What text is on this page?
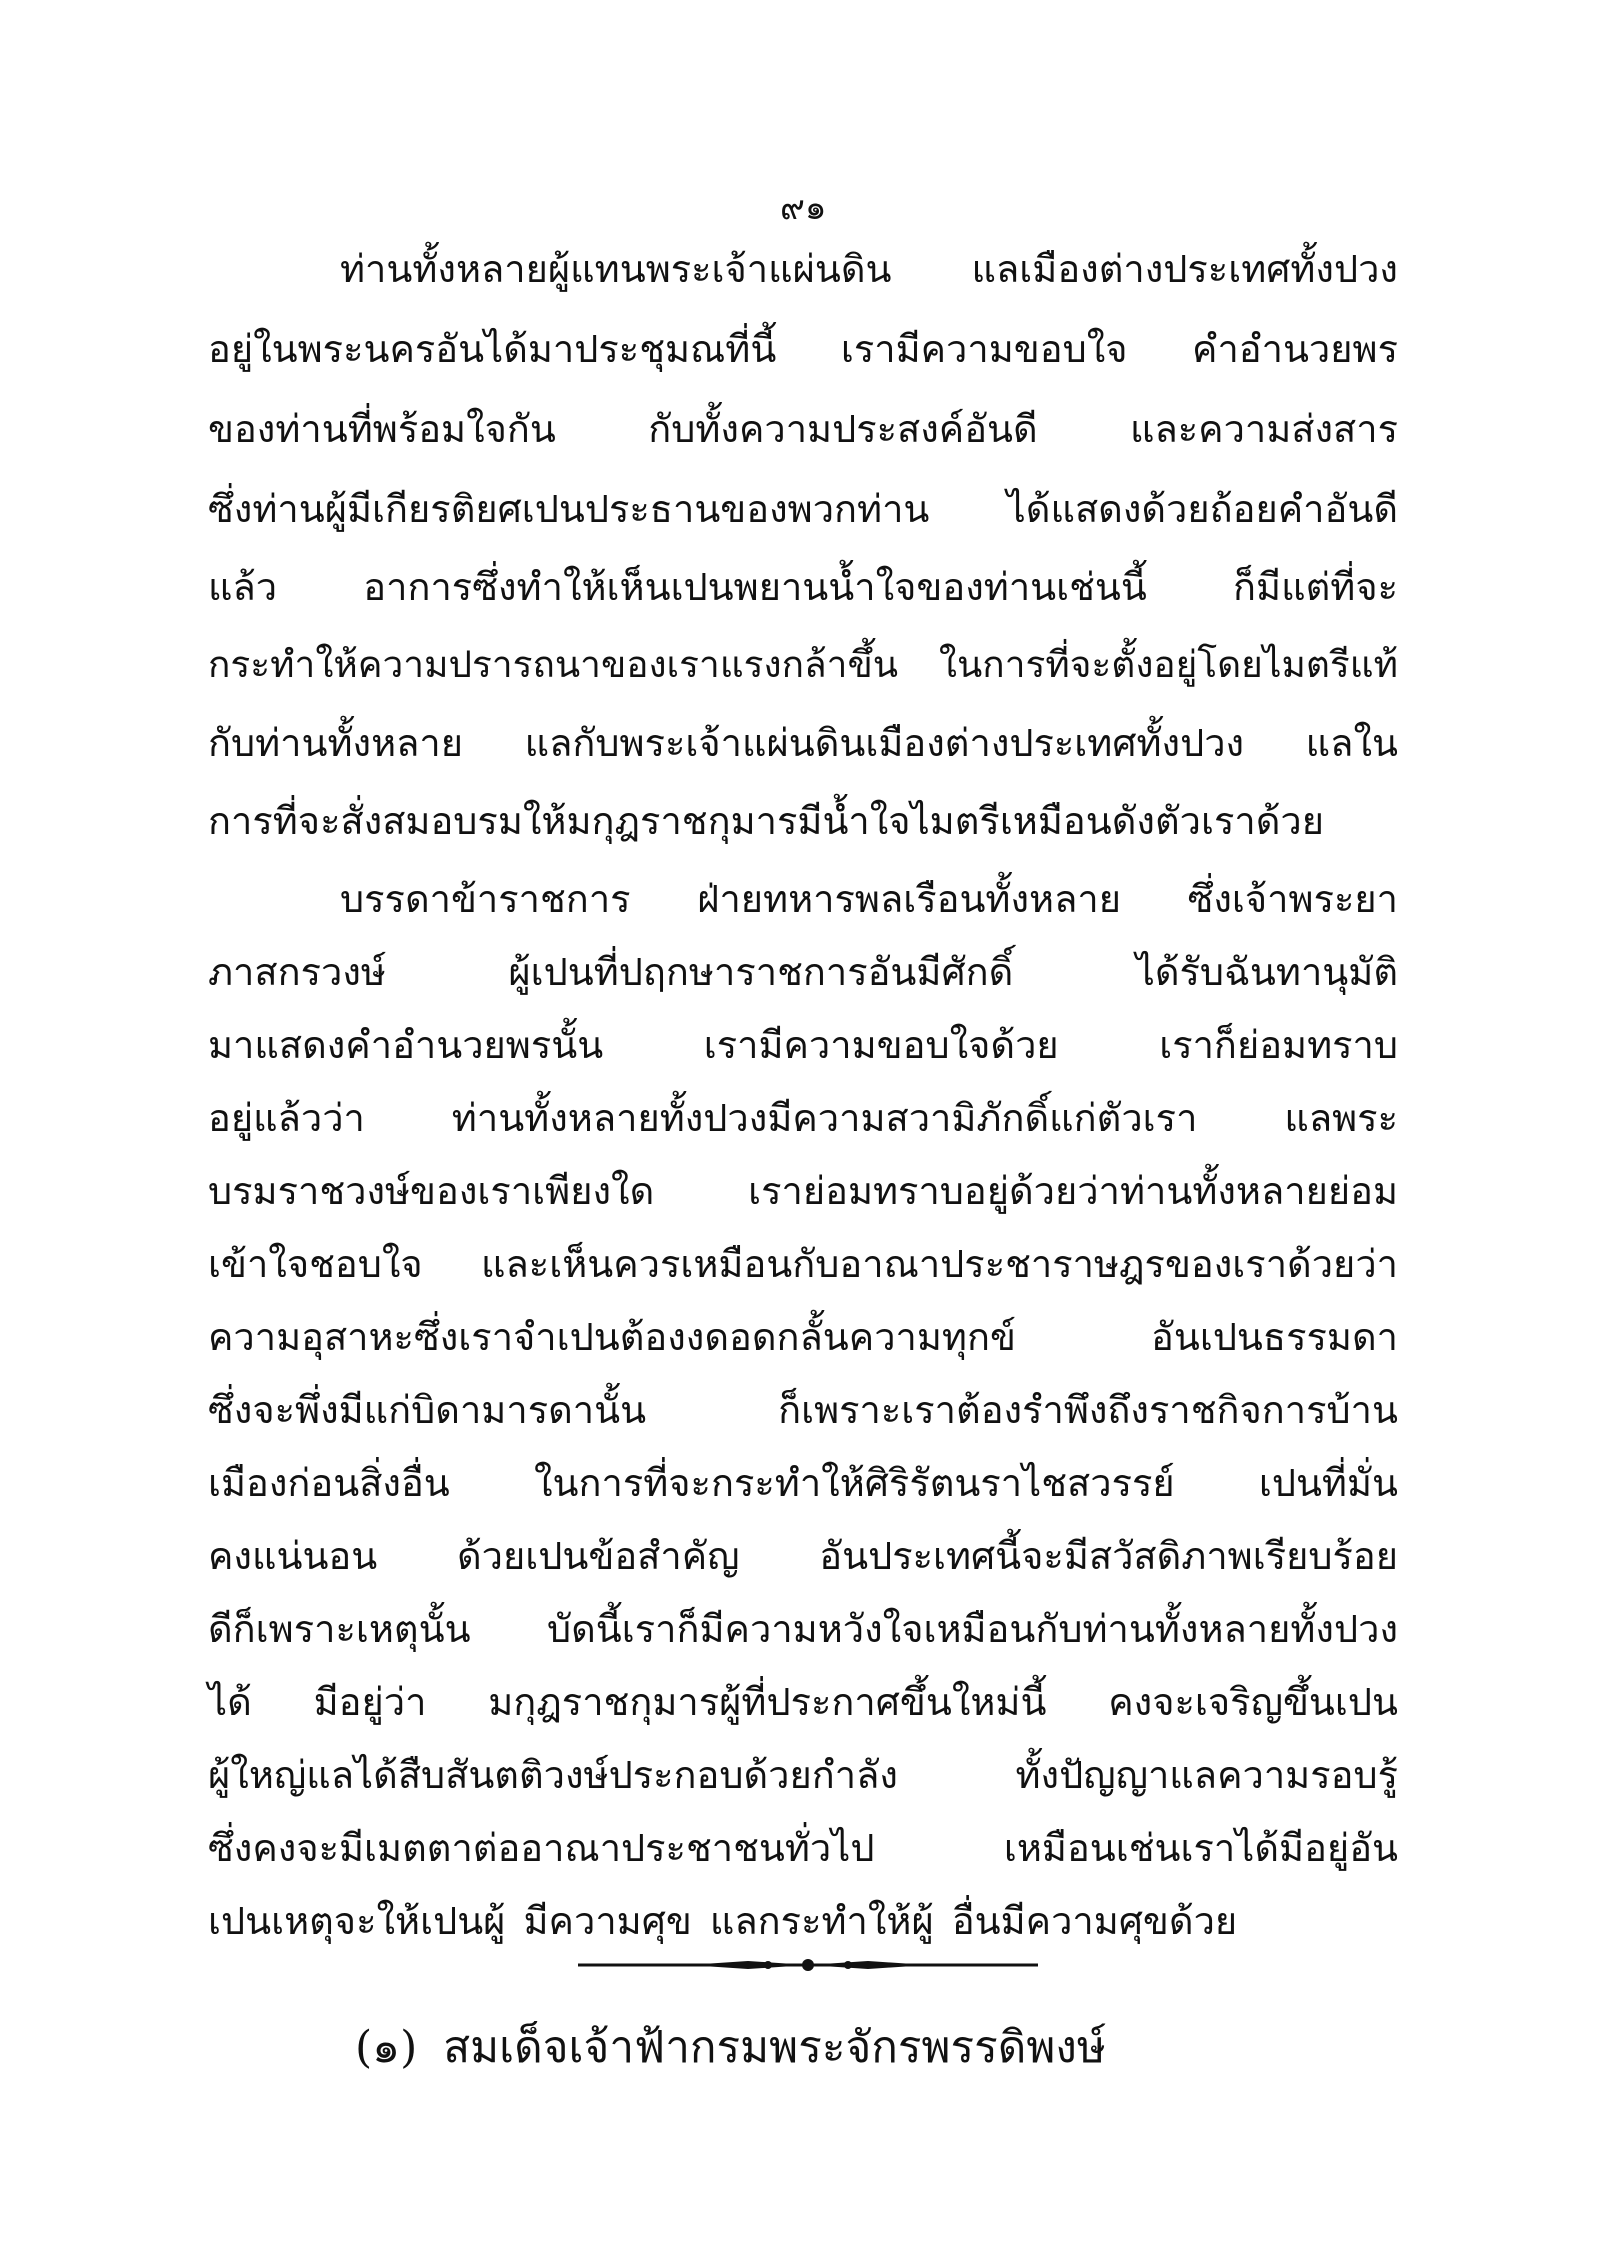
๙๑
ท่านทั้งหลายผู้แทนพระเจ้าแผ่นดิน แลเมืองต่างประเทศทั้งปวง
อยู่ในพระนครอันได้มาประชุมณที่นี้ เรามีความขอบใจ คำอำนวยพร
ของท่านที่พร้อมใจกัน กับทั้งความประสงค์อันดี และความส่งสาร
ซึ่งท่านผู้มีเกียรติยศเปนประธานของพวกท่าน ได้แสดงด้วยถ้อยคำอันดี
แล้ว อาการซึ่งทำให้เห็นเปนพยานน้ำใจของท่านเช่นนี้ ก็มีแต่ที่จะ
กระทำให้ความปรารถนาของเราแรงกล้าขึ้น ในการที่จะตั้งอยู่โดยไมตรีแท้
กับท่านทั้งหลาย แลกับพระเจ้าแผ่นดินเมืองต่างประเทศทั้งปวง แลใน
การที่จะสั่งสมอบรมให้มกุฎราชกุมารมีน้ำใจไมตรีเหมือนดังตัวเราด้วย
บรรดาข้าราชการ ฝ่ายทหารพลเรือนทั้งหลาย ซึ่งเจ้าพระยา
ภาสกรวงษ์ ผู้เปนที่ปฤกษาราชการอันมีศักดิ์ ได้รับฉันทานุมัติ
มาแสดงคำอำนวยพรนั้น เรามีความขอบใจด้วย เราก็ย่อมทราบ
อยู่แล้วว่า ท่านทั้งหลายทั้งปวงมีความสวามิภักดิ์แก่ตัวเรา แลพระ
บรมราชวงษ์ของเราเพียงใด เราย่อมทราบอยู่ด้วยว่าท่านทั้งหลายย่อม
เข้าใจชอบใจ และเห็นควรเหมือนกับอาณาประชาราษฎรของเราด้วยว่า
ความอุสาหะซึ่งเราจำเปนต้องงดอดกลั้นความทุกข์ อันเปนธรรมดา
ซึ่งจะพึ่งมีแก่บิดามารดานั้น ก็เพราะเราต้องรำพึงถึงราชกิจการบ้าน
เมืองก่อนสิ่งอื่น ในการที่จะกระทำให้ศิริรัตนราไชสวรรย์ เปนที่มั่น
คงแน่นอน ด้วยเปนข้อสำคัญ อันประเทศนี้จะมีสวัสดิภาพเรียบร้อย
ดีก็เพราะเหตุนั้น บัดนี้เราก็มีความหวังใจเหมือนกับท่านทั้งหลายทั้งปวง
ได้ มีอยู่ว่า มกุฎราชกุมารผู้ที่ประกาศขึ้นใหม่นี้ คงจะเจริญขึ้นเปน
ผู้ใหญ่แลได้สืบสันตติวงษ์ประกอบด้วยกำลัง ทั้งปัญญาแลความรอบรู้
ซึ่งคงจะมีเมตตาต่ออาณาประชาชนทั่วไป เหมือนเช่นเราได้มีอยู่อัน
เปนเหตุจะให้เปนผู้ มีความศุข แลกระทำให้ผู้ อื่นมีความศุขด้วย
(๑) สมเด็จเจ้าฟ้ากรมพระจักรพรรดิพงษ์
